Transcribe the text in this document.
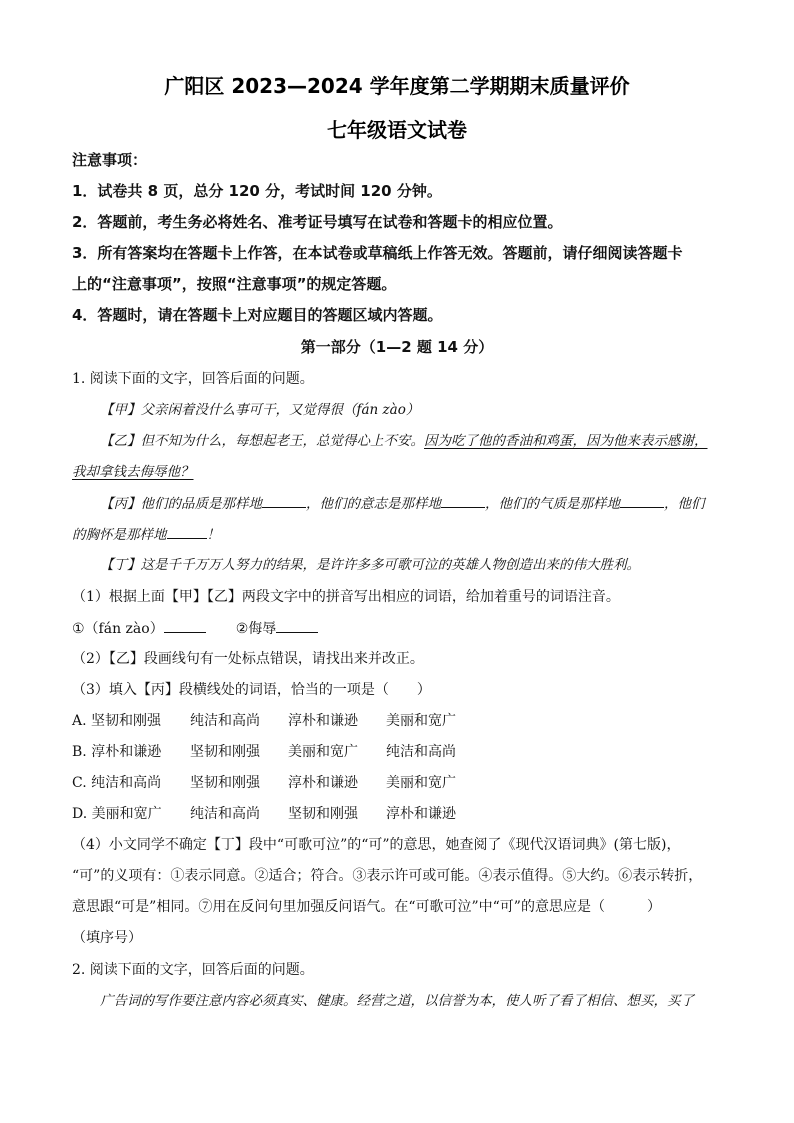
广阳区 2023—2024 学年度第二学期期末质量评价
七年级语文试卷
注意事项：
1．试卷共 8 页，总分 120 分，考试时间 120 分钟。
2．答题前，考生务必将姓名、准考证号填写在试卷和答题卡的相应位置。
3．所有答案均在答题卡上作答，在本试卷或草稿纸上作答无效。答题前，请仔细阅读答题卡
上的“注意事项”，按照“注意事项”的规定答题。
4．答题时，请在答题卡上对应题目的答题区域内答题。
第一部分（1—2 题 14 分）
1. 阅读下面的文字，回答后面的问题。
【甲】父亲闲着没什么事可干，又觉得很（fán zào）
【乙】但不知为什么，每想起老王，总觉得心上不安。因为吃了他的香油和鸡蛋，因为他来表示感谢，
我却拿钱去侮辱他？
【丙】他们的品质是那样地	，他们的意志是那样地	，他们的气质是那样地	，他们
的胸怀是那样地	！
【丁】这是千千万万人努力的结果，是许许多多可歌可泣的英雄人物创造出来的伟大胜利。
（1）根据上面【甲】【乙】两段文字中的拼音写出相应的词语，给加着重号的词语注音。
①（fán zào）	②侮辱
（2）【乙】段画线句有一处标点错误，请找出来并改正。
（3）填入【丙】段横线处的词语，恰当的一项是（　　）
A. 坚韧和刚强 纯洁和高尚 淳朴和谦逊 美丽和宽广
B. 淳朴和谦逊 坚韧和刚强 美丽和宽广 纯洁和高尚
C. 纯洁和高尚 坚韧和刚强 淳朴和谦逊 美丽和宽广
D. 美丽和宽广 纯洁和高尚 坚韧和刚强 淳朴和谦逊
（4）小文同学不确定【丁】段中“可歌可泣”的“可”的意思，她查阅了《现代汉语词典》(第七版)，
“可”的义项有：①表示同意。②适合；符合。③表示许可或可能。④表示值得。⑤大约。⑥表示转折，
意思跟“可是”相同。⑦用在反问句里加强反问语气。在“可歌可泣”中“可”的意思应是（　　　）
（填序号）
2. 阅读下面的文字，回答后面的问题。
广告词的写作要注意内容必须真实、健康。经营之道，以信誉为本，使人听了看了相信、想买，买了
